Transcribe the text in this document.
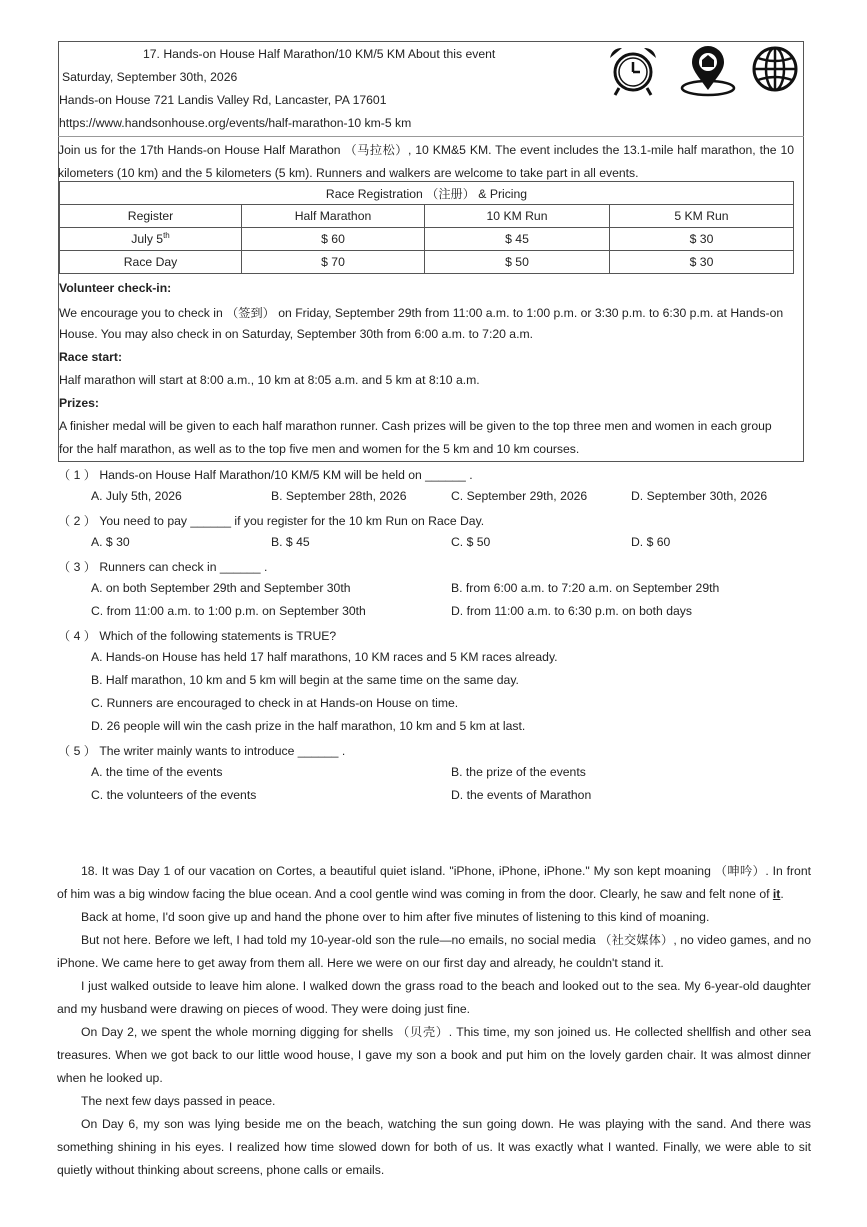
17. Hands-on House Half Marathon/10 KM/5 KM About this event
Saturday, September 30th, 2026
Hands-on House 721 Landis Valley Rd, Lancaster, PA 17601
https://www.handsonhouse.org/events/half-marathon-10 km-5 km
Join us for the 17th Hands-on House Half Marathon （马拉松）, 10 KM&5 KM. The event includes the 13.1-mile half marathon, the 10 kilometers (10 km) and the 5 kilometers (5 km). Runners and walkers are welcome to take part in all events.
Race Registration （注册） & Pricing			
Register	Half Marathon	10 KM Run	5 KM Run
July 5th	$ 60	$ 45	$ 30
Race Day	$ 70	$ 50	$ 30
Volunteer check-in:
We encourage you to check in （签到） on Friday, September 29th from 11:00 a.m. to 1:00 p.m. or 3:30 p.m. to 6:30 p.m. at Hands-on
House. You may also check in on Saturday, September 30th from 6:00 a.m. to 7:20 a.m.
Race start:
Half marathon will start at 8:00 a.m., 10 km at 8:05 a.m. and 5 km at 8:10 a.m.
Prizes:
A finisher medal will be given to each half marathon runner. Cash prizes will be given to the top three men and women in each group
for the half marathon, as well as to the top five men and women for the 5 km and 10 km courses.
（ 1 ） Hands-on House Half Marathon/10 KM/5 KM will be held on ______ .
A. July 5th, 2026	B. September 28th, 2026	C. September 29th, 2026	D. September 30th, 2026
（ 2 ） You need to pay ______ if you register for the 10 km Run on Race Day.
A. $ 30	B. $ 45	C. $ 50	D. $ 60
（ 3 ） Runners can check in ______ .
A. on both September 29th and September 30th	B. from 6:00 a.m. to 7:20 a.m. on September 29th
C. from 11:00 a.m. to 1:00 p.m. on September 30th	D. from 11:00 a.m. to 6:30 p.m. on both days
（ 4 ） Which of the following statements is TRUE?
A. Hands-on House has held 17 half marathons, 10 KM races and 5 KM races already.
B. Half marathon, 10 km and 5 km will begin at the same time on the same day.
C. Runners are encouraged to check in at Hands-on House on time.
D. 26 people will win the cash prize in the half marathon, 10 km and 5 km at last.
（ 5 ） The writer mainly wants to introduce ______ .
A. the time of the events	B. the prize of the events
C. the volunteers of the events	D. the events of Marathon

18. It was Day 1 of our vacation on Cortes, a beautiful quiet island. "iPhone, iPhone, iPhone." My son kept moaning （呻吟）. In front of him was a big window facing the blue ocean. And a cool gentle wind was coming in from the door. Clearly, he saw and felt none of it.

Back at home, I'd soon give up and hand the phone over to him after five minutes of listening to this kind of moaning.

But not here. Before we left, I had told my 10-year-old son the rule—no emails, no social media （社交媒体）, no video games, and no iPhone. We came here to get away from them all. Here we were on our first day and already, he couldn't stand it.

I just walked outside to leave him alone. I walked down the grass road to the beach and looked out to the sea. My 6-year-old daughter and my husband were drawing on pieces of wood. They were doing just fine.

On Day 2, we spent the whole morning digging for shells （贝壳）. This time, my son joined us. He collected shellfish and other sea treasures. When we got back to our little wood house, I gave my son a book and put him on the lovely garden chair. It was almost dinner when he looked up.

The next few days passed in peace.

On Day 6, my son was lying beside me on the beach, watching the sun going down. He was playing with the sand. And there was something shining in his eyes. I realized how time slowed down for both of us. It was exactly what I wanted. Finally, we were able to sit quietly without thinking about screens, phone calls or emails.
